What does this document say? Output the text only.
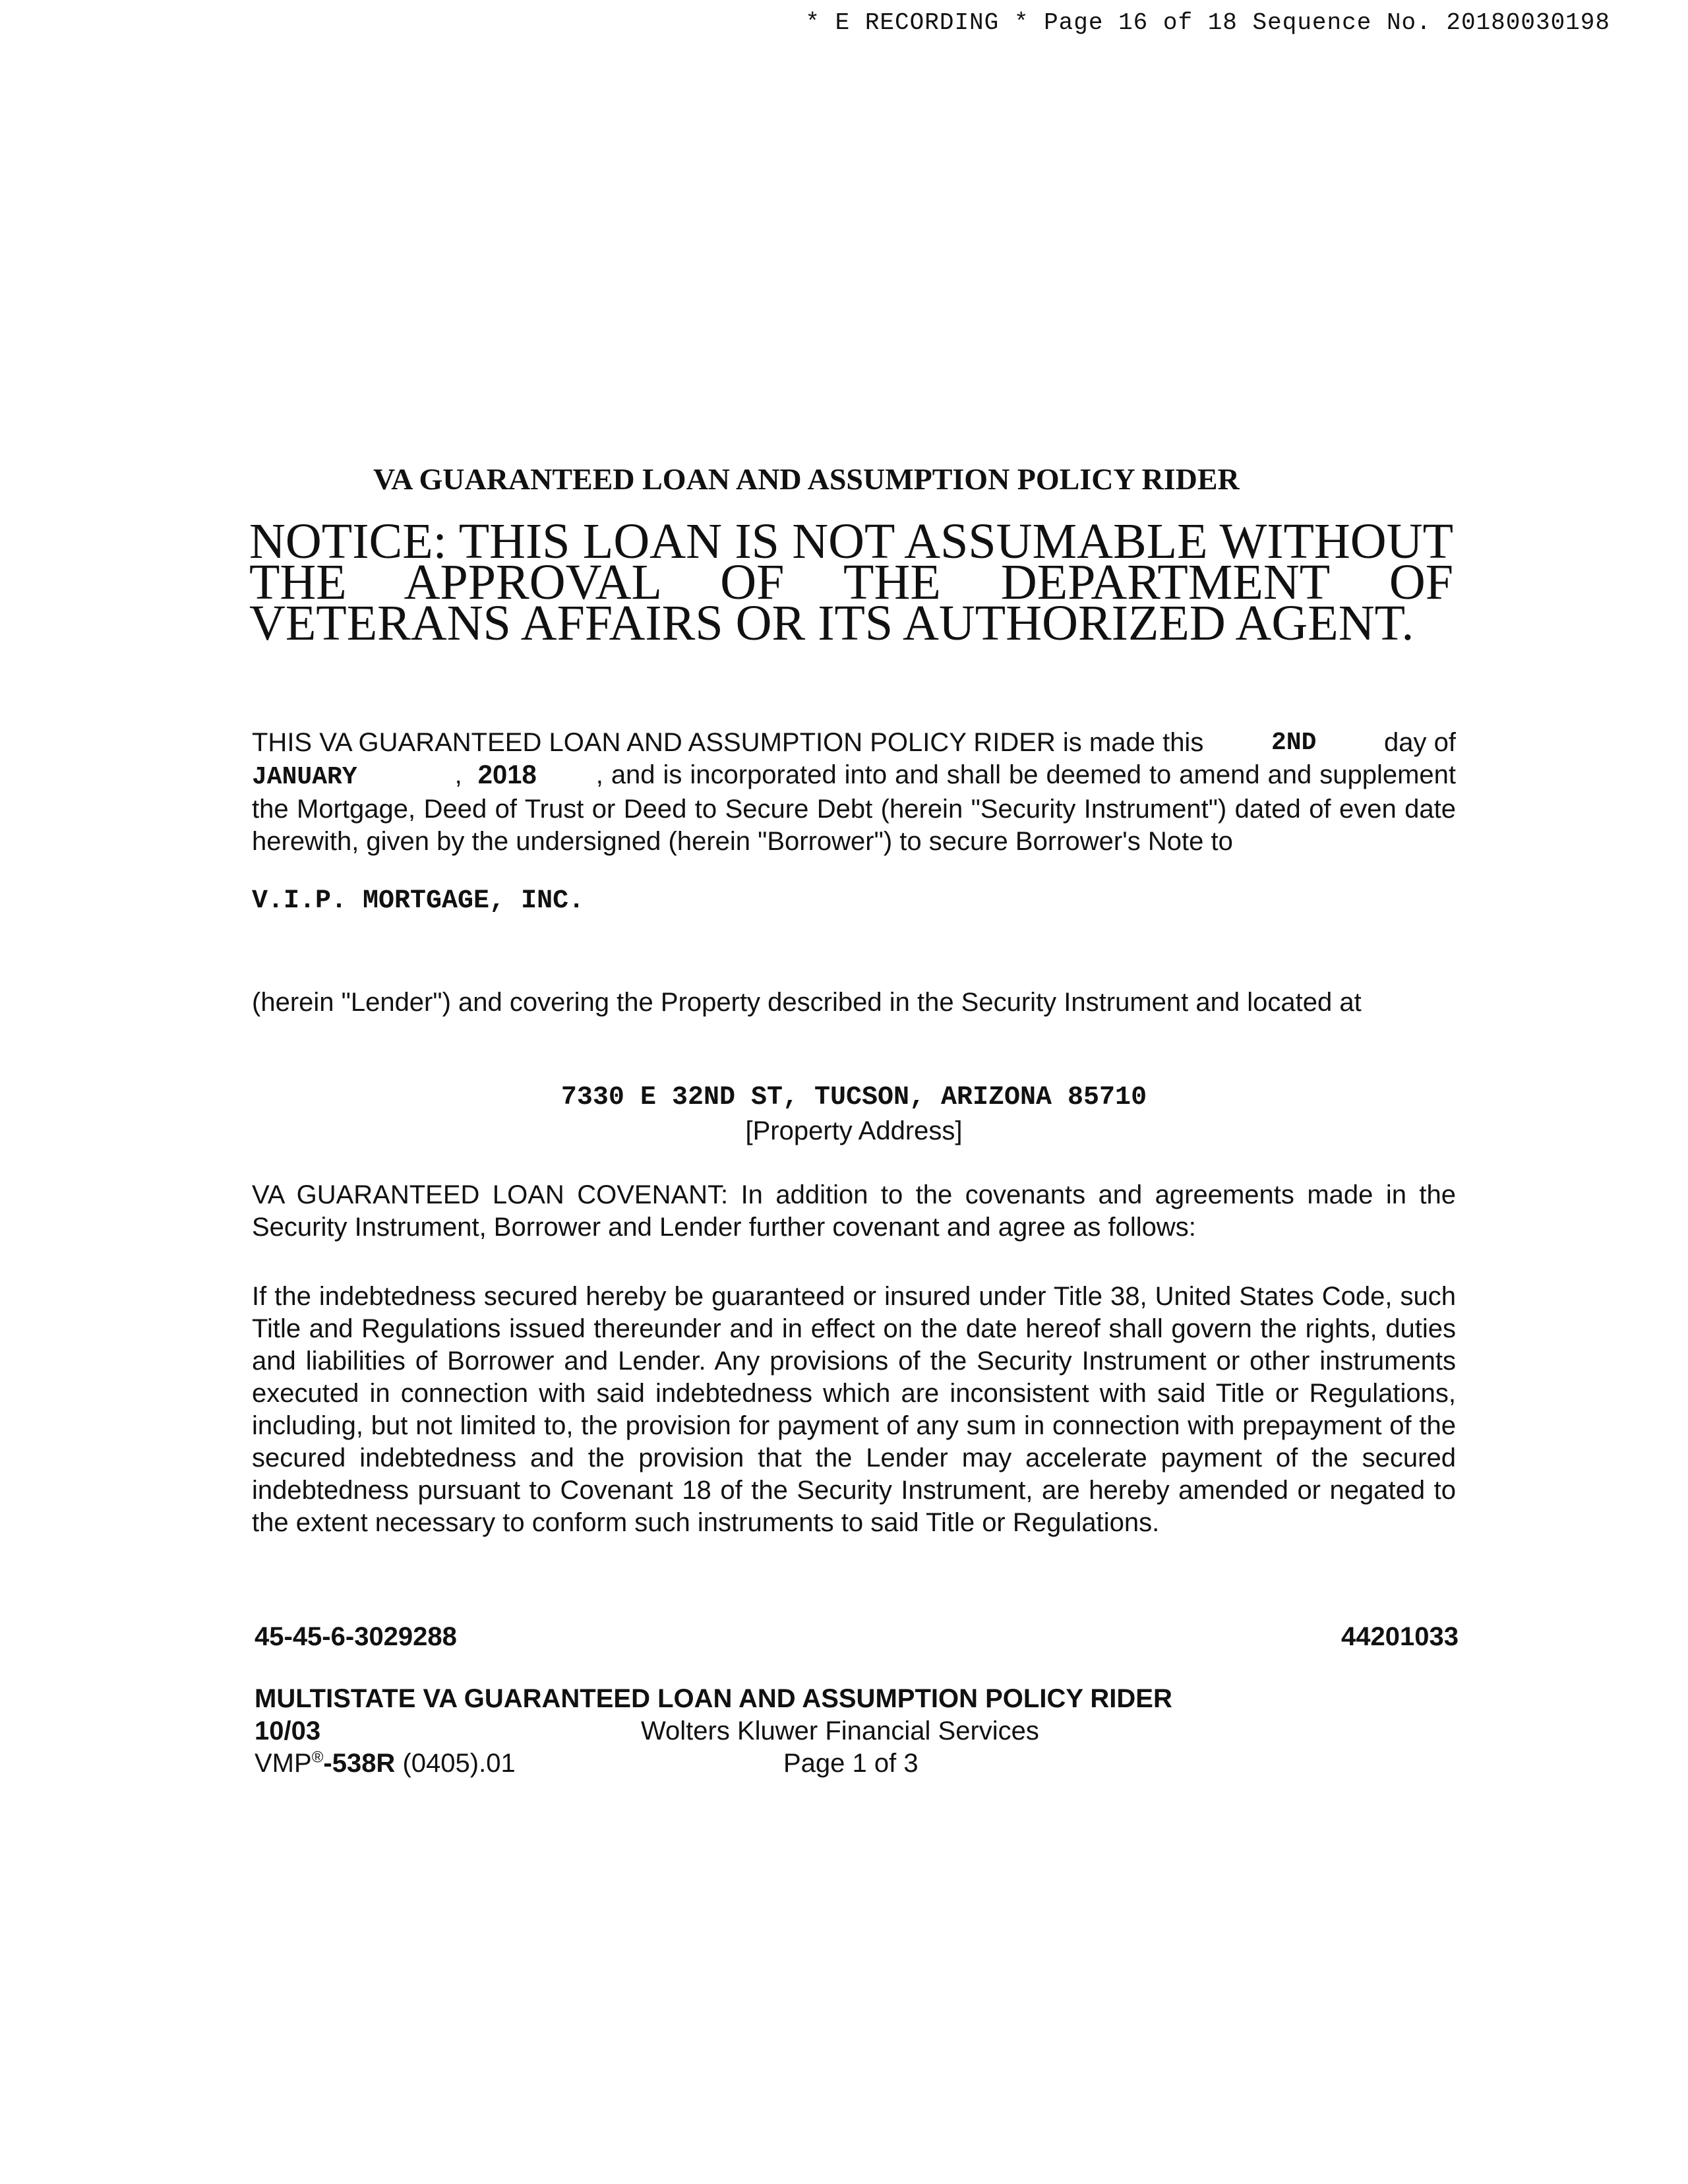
* E RECORDING * Page 16 of 18 Sequence No. 20180030198
VA GUARANTEED LOAN AND ASSUMPTION POLICY RIDER
NOTICE: THIS LOAN IS NOT ASSUMABLE WITHOUT THE APPROVAL OF THE DEPARTMENT OF VETERANS AFFAIRS OR ITS AUTHORIZED AGENT.
THIS VA GUARANTEED LOAN AND ASSUMPTION POLICY RIDER is made this	2ND	day of
JANUARY	, 2018 , and is incorporated into and shall be deemed to amend and supplement the Mortgage, Deed of Trust or Deed to Secure Debt (herein "Security Instrument") dated of even date herewith, given by the undersigned (herein "Borrower") to secure Borrower's Note to
V.I.P. MORTGAGE, INC.
(herein "Lender") and covering the Property described in the Security Instrument and located at
7330 E 32ND ST, TUCSON, ARIZONA 85710
[Property Address]
VA GUARANTEED LOAN COVENANT: In addition to the covenants and agreements made in the Security Instrument, Borrower and Lender further covenant and agree as follows:
If the indebtedness secured hereby be guaranteed or insured under Title 38, United States Code, such Title and Regulations issued thereunder and in effect on the date hereof shall govern the rights, duties and liabilities of Borrower and Lender. Any provisions of the Security Instrument or other instruments executed in connection with said indebtedness which are inconsistent with said Title or Regulations, including, but not limited to, the provision for payment of any sum in connection with prepayment of the secured indebtedness and the provision that the Lender may accelerate payment of the secured indebtedness pursuant to Covenant 18 of the Security Instrument, are hereby amended or negated to the extent necessary to conform such instruments to said Title or Regulations.
45-45-6-3029288	44201033
MULTISTATE VA GUARANTEED LOAN AND ASSUMPTION POLICY RIDER
10/03	Wolters Kluwer Financial Services
VMP®-538R (0405).01	Page 1 of 3
